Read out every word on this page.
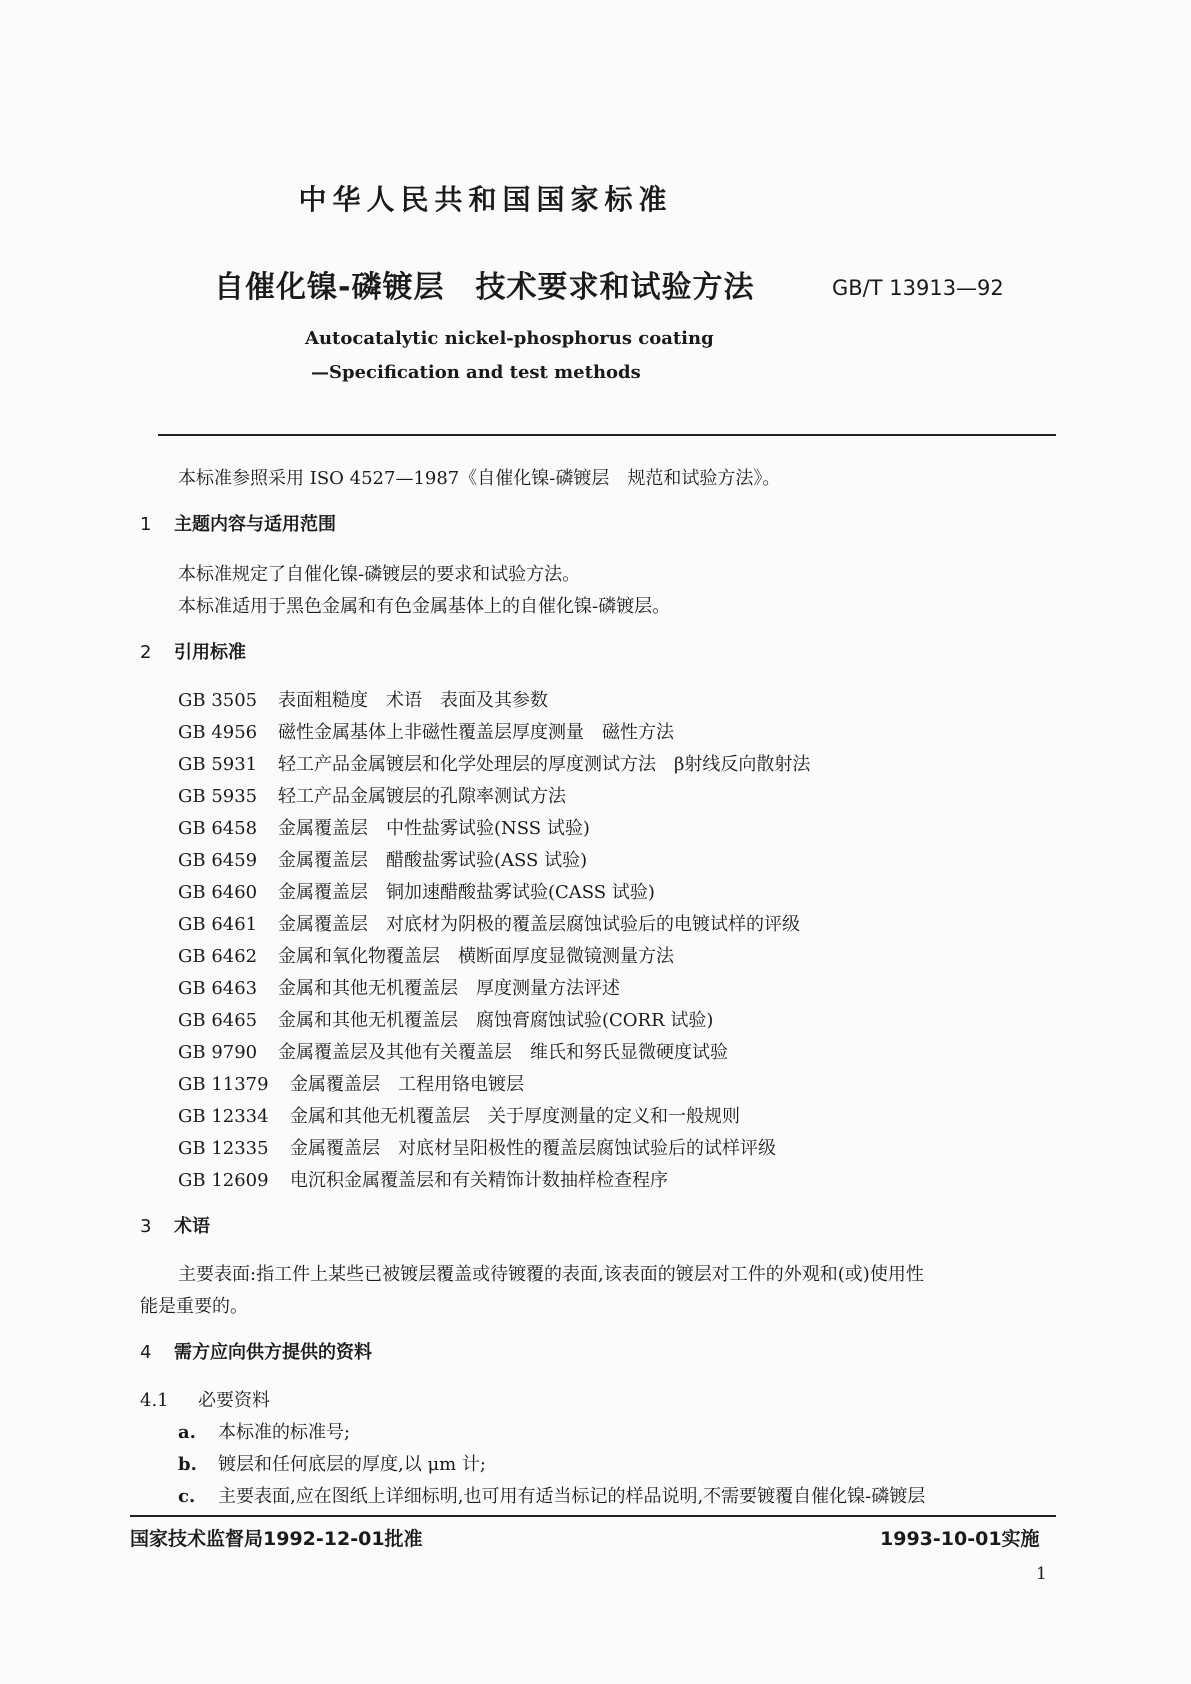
中华人民共和国国家标准
自催化镍-磷镀层　技术要求和试验方法	GB/T 13913—92
Autocatalytic nickel-phosphorus coating
—Specification and test methods
本标准参照采用 ISO 4527—1987《自催化镍-磷镀层　规范和试验方法》。
1 主题内容与适用范围
本标准规定了自催化镍-磷镀层的要求和试验方法。
本标准适用于黑色金属和有色金属基体上的自催化镍-磷镀层。
2 引用标准
GB 3505 表面粗糙度　术语　表面及其参数
GB 4956 磁性金属基体上非磁性覆盖层厚度测量　磁性方法
GB 5931 轻工产品金属镀层和化学处理层的厚度测试方法　β射线反向散射法
GB 5935 轻工产品金属镀层的孔隙率测试方法
GB 6458 金属覆盖层　中性盐雾试验(NSS 试验)
GB 6459 金属覆盖层　醋酸盐雾试验(ASS 试验)
GB 6460 金属覆盖层　铜加速醋酸盐雾试验(CASS 试验)
GB 6461 金属覆盖层　对底材为阴极的覆盖层腐蚀试验后的电镀试样的评级
GB 6462 金属和氧化物覆盖层　横断面厚度显微镜测量方法
GB 6463 金属和其他无机覆盖层　厚度测量方法评述
GB 6465 金属和其他无机覆盖层　腐蚀膏腐蚀试验(CORR 试验)
GB 9790 金属覆盖层及其他有关覆盖层　维氏和努氏显微硬度试验
GB 11379 金属覆盖层　工程用铬电镀层
GB 12334 金属和其他无机覆盖层　关于厚度测量的定义和一般规则
GB 12335 金属覆盖层　对底材呈阳极性的覆盖层腐蚀试验后的试样评级
GB 12609 电沉积金属覆盖层和有关精饰计数抽样检查程序
3 术语
主要表面:指工件上某些已被镀层覆盖或待镀覆的表面,该表面的镀层对工件的外观和(或)使用性
能是重要的。
4 需方应向供方提供的资料
4.1 必要资料
a. 本标准的标准号;
b. 镀层和任何底层的厚度,以 μm 计;
c. 主要表面,应在图纸上详细标明,也可用有适当标记的样品说明,不需要镀覆自催化镍-磷镀层
国家技术监督局1992-12-01批准	1993-10-01实施
1
